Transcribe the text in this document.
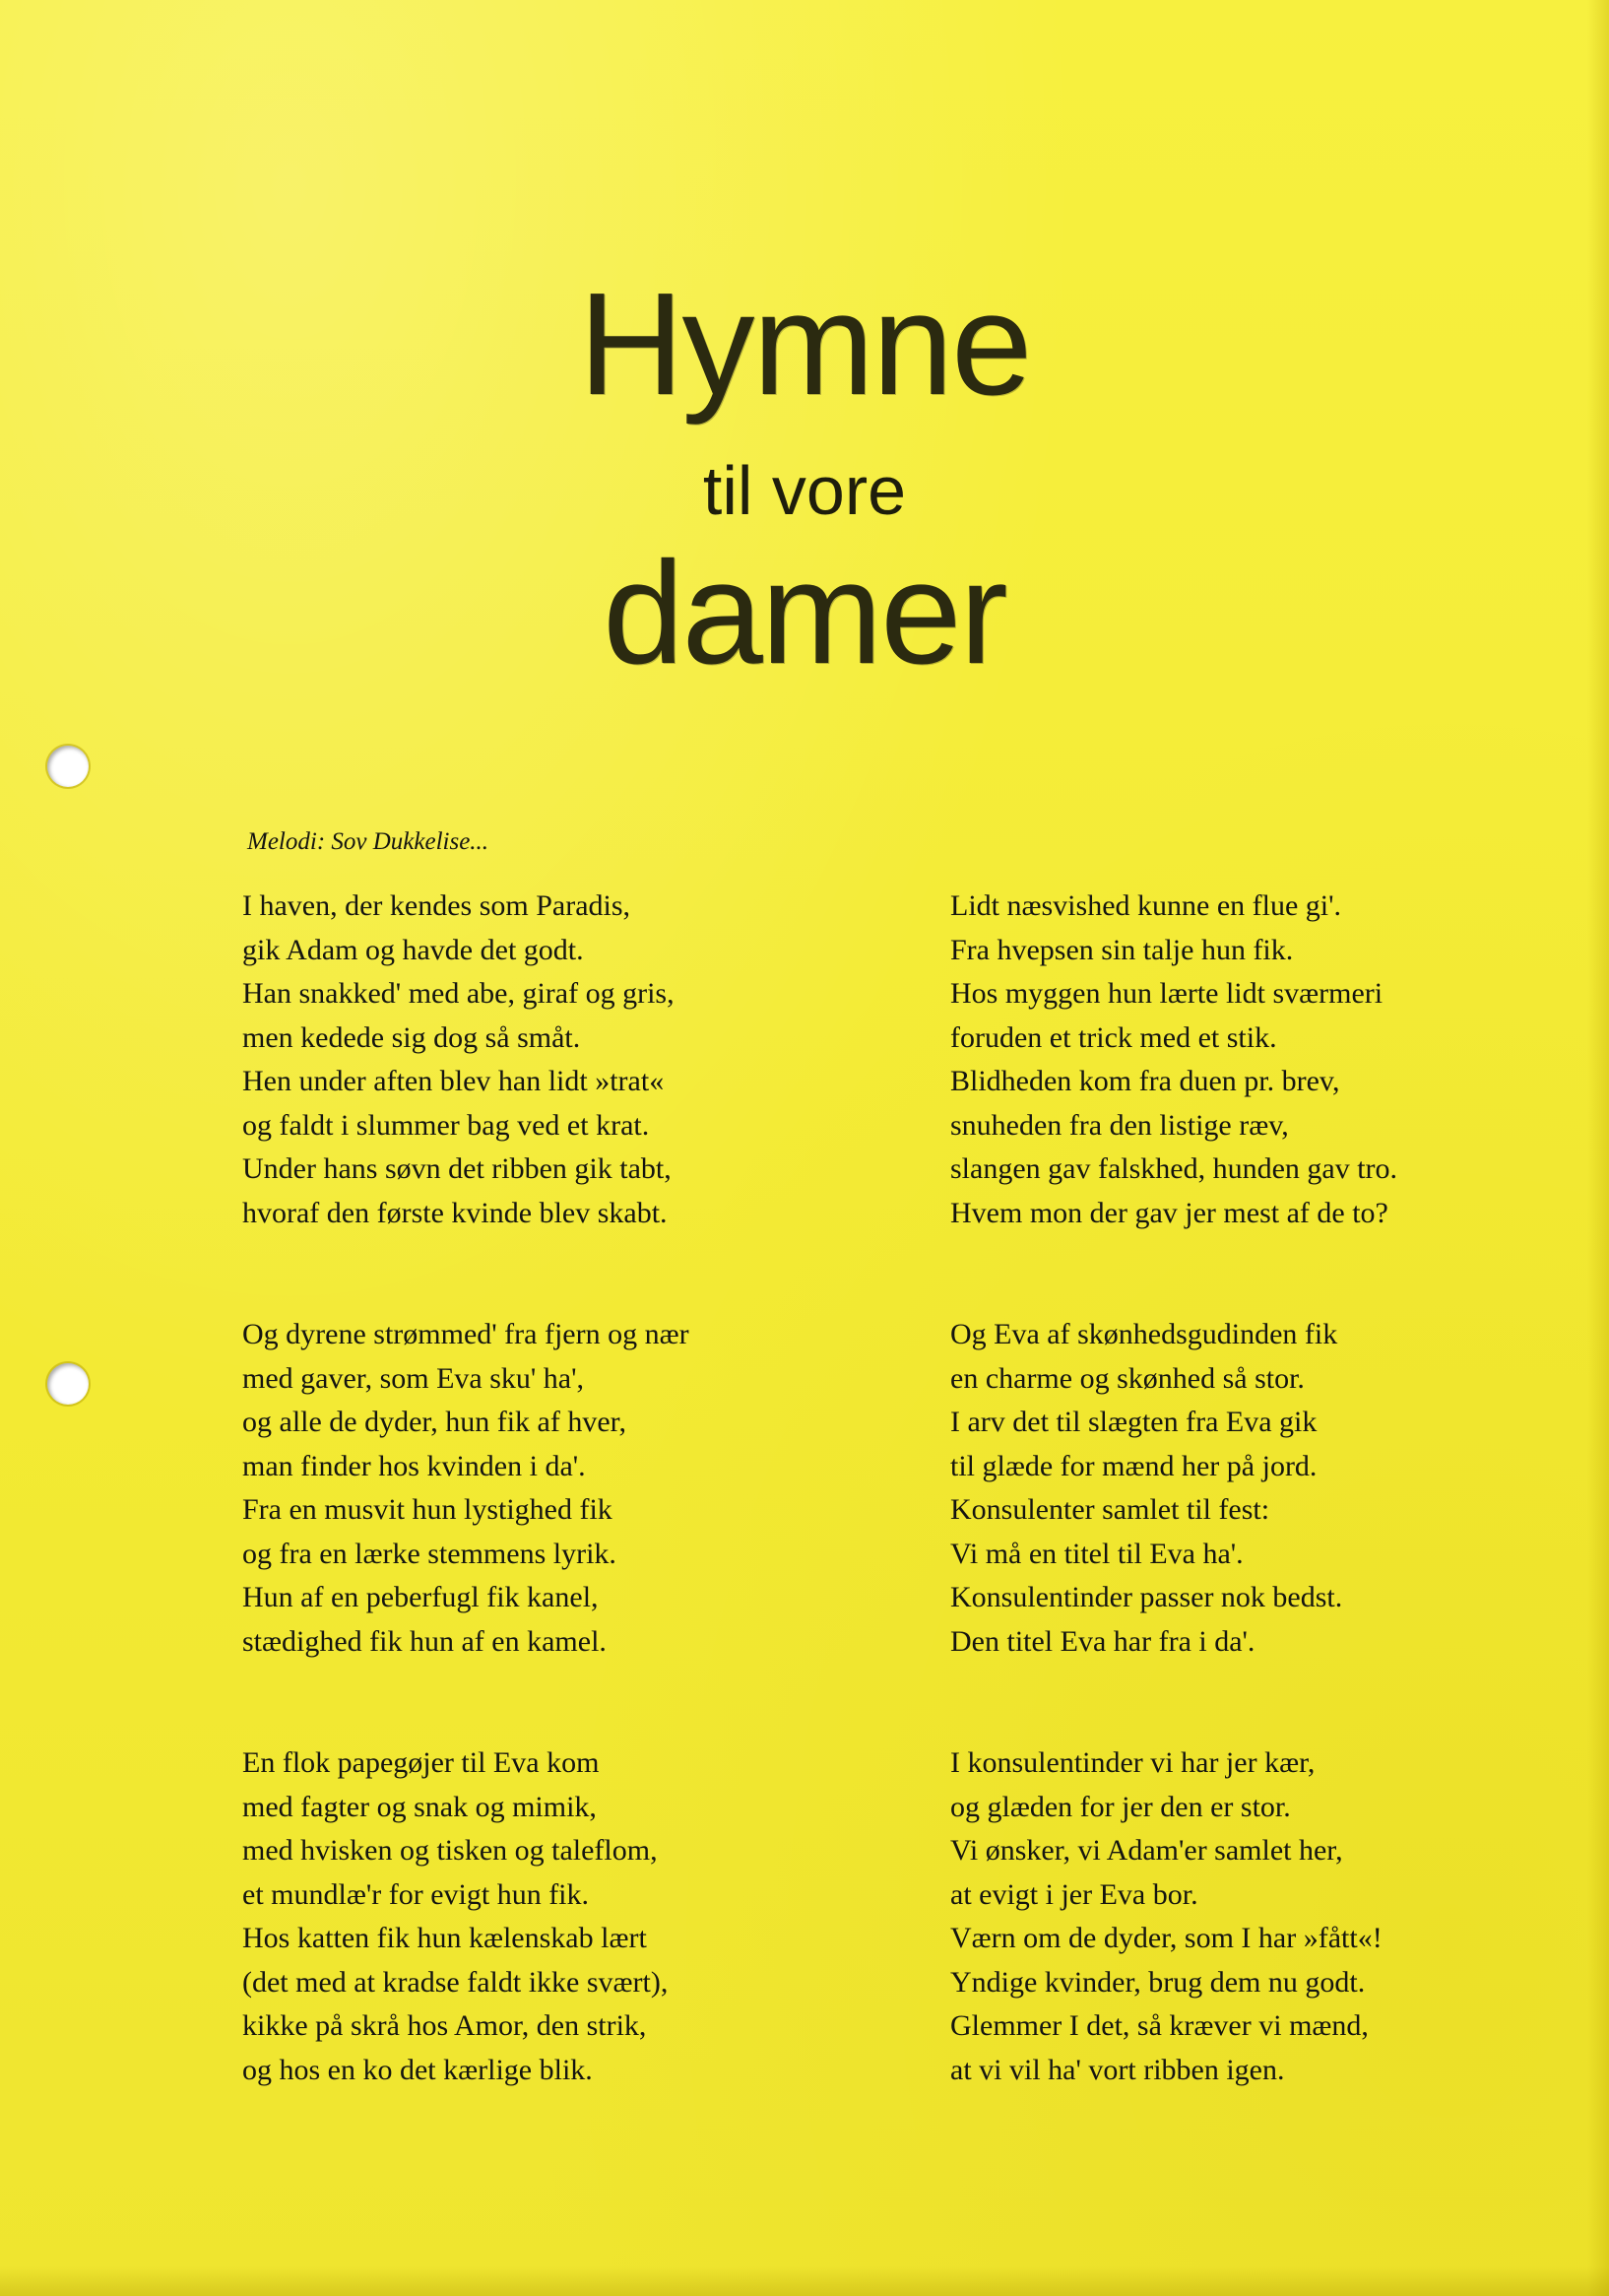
Hymne
til vore
damer
Melodi: Sov Dukkelise...
I haven, der kendes som Paradis,
gik Adam og havde det godt.
Han snakked' med abe, giraf og gris,
men kedede sig dog så småt.
Hen under aften blev han lidt »trat«
og faldt i slummer bag ved et krat.
Under hans søvn det ribben gik tabt,
hvoraf den første kvinde blev skabt.
Og dyrene strømmed' fra fjern og nær
med gaver, som Eva sku' ha',
og alle de dyder, hun fik af hver,
man finder hos kvinden i da'.
Fra en musvit hun lystighed fik
og fra en lærke stemmens lyrik.
Hun af en peberfugl fik kanel,
stædighed fik hun af en kamel.
En flok papegøjer til Eva kom
med fagter og snak og mimik,
med hvisken og tisken og taleflom,
et mundlæ'r for evigt hun fik.
Hos katten fik hun kælenskab lært
(det med at kradse faldt ikke svært),
kikke på skrå hos Amor, den strik,
og hos en ko det kærlige blik.
Lidt næsvished kunne en flue gi'.
Fra hvepsen sin talje hun fik.
Hos myggen hun lærte lidt sværmeri
foruden et trick med et stik.
Blidheden kom fra duen pr. brev,
snuheden fra den listige ræv,
slangen gav falskhed, hunden gav tro.
Hvem mon der gav jer mest af de to?
Og Eva af skønhedsgudinden fik
en charme og skønhed så stor.
I arv det til slægten fra Eva gik
til glæde for mænd her på jord.
Konsulenter samlet til fest:
Vi må en titel til Eva ha'.
Konsulentinder passer nok bedst.
Den titel Eva har fra i da'.
I konsulentinder vi har jer kær,
og glæden for jer den er stor.
Vi ønsker, vi Adam'er samlet her,
at evigt i jer Eva bor.
Værn om de dyder, som I har »fått«!
Yndige kvinder, brug dem nu godt.
Glemmer I det, så kræver vi mænd,
at vi vil ha' vort ribben igen.
